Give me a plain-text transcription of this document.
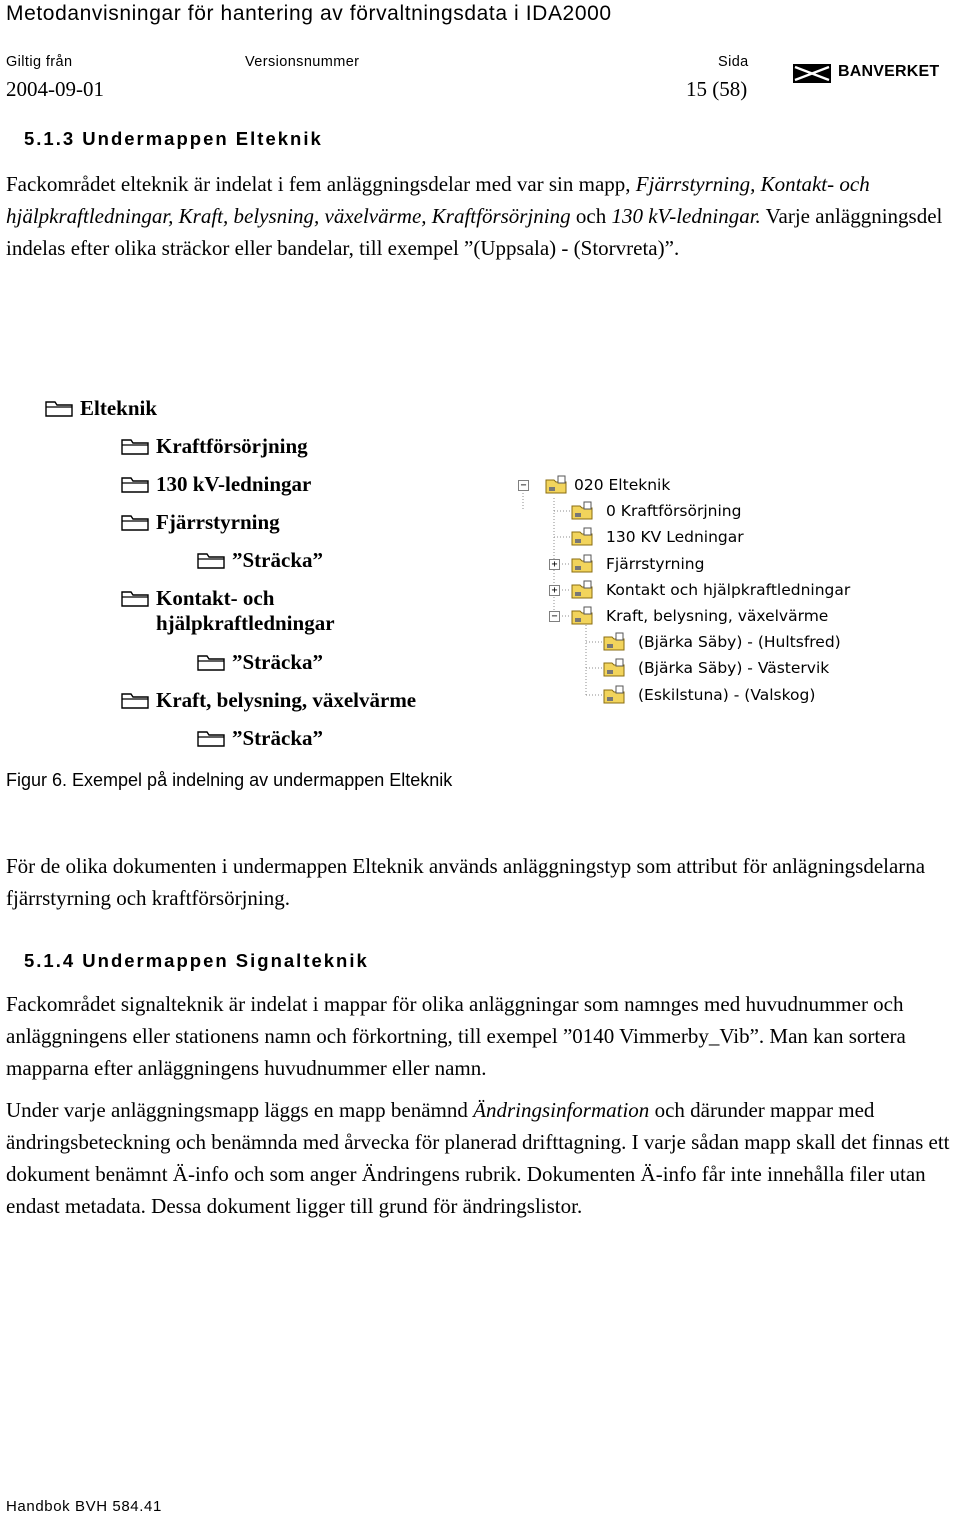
Metodanvisningar för hantering av förvaltningsdata i IDA2000
Giltig från	Versionsnummer	Sida
2004-09-01	15 (58)
BANVERKET
5.1.3 Undermappen Elteknik
Fackområdet elteknik är indelat i fem anläggningsdelar med var sin mapp, Fjärrstyrning, Kontakt- och hjälpkraftledningar, Kraft, belysning, växelvärme, Kraftförsörjning och 130 kV-ledningar. Varje anläggningsdel indelas efter olika sträckor eller bandelar, till exempel ”(Uppsala) - (Storvreta)”.
Elteknik
Kraftförsörjning
130 kV-ledningar
Fjärrstyrning
”Sträcka”
Kontakt- och
hjälpkraftledningar
”Sträcka”
Kraft, belysning, växelvärme
”Sträcka”
−	020 Elteknik
0 Kraftförsörjning
130 KV Ledningar
+	Fjärrstyrning
+	Kontakt och hjälpkraftledningar
−	Kraft, belysning, växelvärme
(Bjärka Säby) - (Hultsfred)
(Bjärka Säby) - Västervik
(Eskilstuna) - (Valskog)
Figur 6. Exempel på indelning av undermappen Elteknik
För de olika dokumenten i undermappen Elteknik används anläggningstyp som attribut för anlägningsdelarna fjärrstyrning och kraftförsörjning.
5.1.4 Undermappen Signalteknik
Fackområdet signalteknik är indelat i mappar för olika anläggningar som namnges med huvudnummer och anläggningens eller stationens namn och förkortning, till exempel ”0140 Vimmerby_Vib”. Man kan sortera mapparna efter anläggningens huvudnummer eller namn.
Under varje anläggningsmapp läggs en mapp benämnd Ändringsinformation och därunder mappar med ändringsbeteckning och benämnda med årvecka för planerad drifttagning. I varje sådan mapp skall det finnas ett dokument benämnt Ä-info och som anger Ändringens rubrik. Dokumenten Ä-info får inte innehålla filer utan endast metadata. Dessa dokument ligger till grund för ändringslistor.
Handbok BVH 584.41
